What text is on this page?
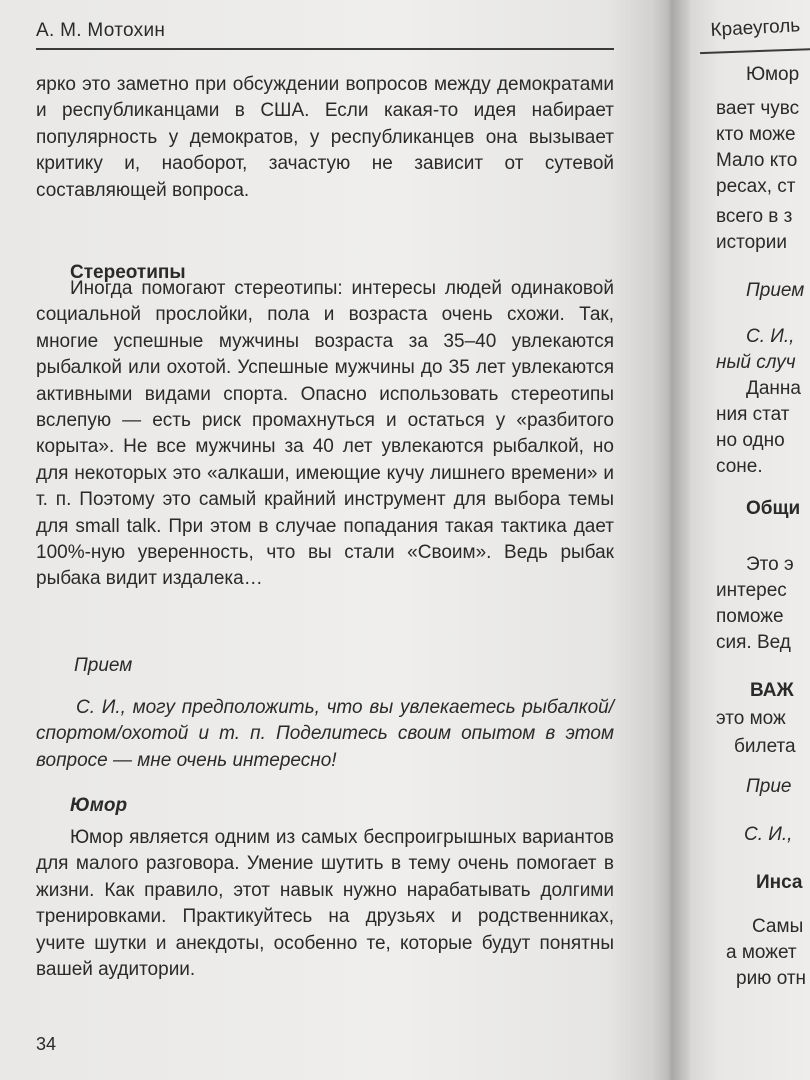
А. М. Мотохин

ярко это заметно при обсуждении вопросов между демократами и республиканцами в США. Если какая-то идея набирает популярность у демократов, у республиканцев она вызывает критику и, наоборот, зачастую не зависит от сутевой составляющей вопроса.

Стереотипы

Иногда помогают стереотипы: интересы людей одинаковой социальной прослойки, пола и возраста очень схожи. Так, многие успешные мужчины возраста за 35–40 увлекаются рыбалкой или охотой. Успешные мужчины до 35 лет увлекаются активными видами спорта. Опасно использовать стереотипы вслепую — есть риск промахнуться и остаться у «разбитого корыта». Не все мужчины за 40 лет увлекаются рыбалкой, но для некоторых это «алкаши, имеющие кучу лишнего времени» и т. п. Поэтому это самый крайний инструмент для выбора темы для small talk. При этом в случае попадания такая тактика дает 100%-ную уверенность, что вы стали «Своим». Ведь рыбак рыбака видит издалека…

Прием

С. И., могу предположить, что вы увлекаетесь рыбалкой/спортом/охотой и т. п. Поделитесь своим опытом в этом вопросе — мне очень интересно!

Юмор

Юмор является одним из самых беспроигрышных вариантов для малого разговора. Умение шутить в тему очень помогает в жизни. Как правило, этот навык нужно нарабатывать долгими тренировками. Практикуйтесь на друзьях и родственниках, учите шутки и анекдоты, особенно те, которые будут понятны вашей аудитории.

34
Краеуголь
Юмор
вает чувс
кто може
Мало кто
ресах, ст
всего в з
истории
Прием
С. И.,
ный случ
Данна
ния стат
но одно
соне.
Общи
Это э
интерес
поможе
сия. Вед
ВАЖ
это мож
билета
Прие
С. И.,
Инса
Самы
а может
рию отн
